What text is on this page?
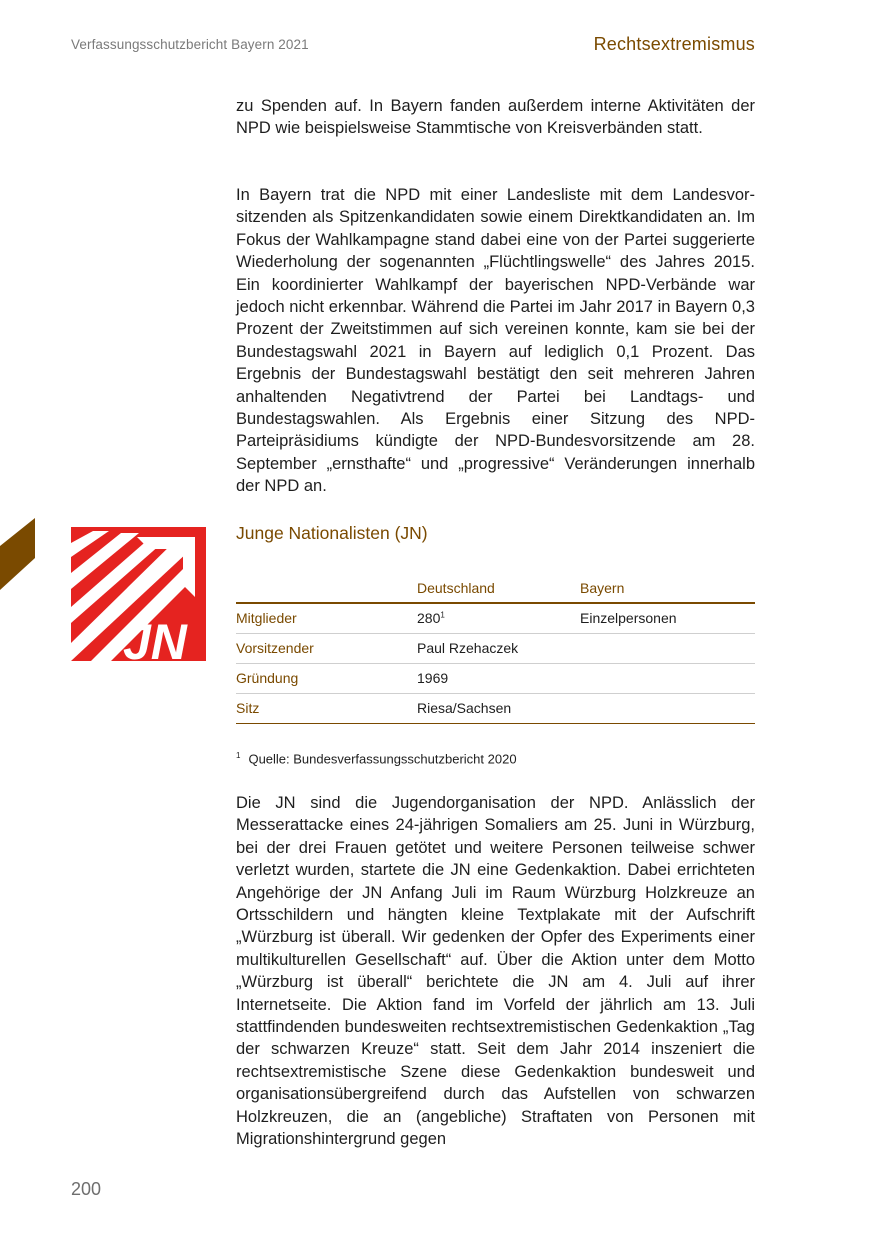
Verfassungsschutzbericht Bayern 2021	Rechtsextremismus

zu Spenden auf. In Bayern fanden außerdem interne Aktivitäten der NPD wie beispielsweise Stammtische von Kreisverbänden statt.

In Bayern trat die NPD mit einer Landesliste mit dem Landesvorsitzenden als Spitzenkandidaten sowie einem Direktkandidaten an. Im Fokus der Wahlkampagne stand dabei eine von der Partei suggerierte Wiederholung der sogenannten „Flüchtlingswelle“ des Jahres 2015. Ein koordinierter Wahlkampf der bayerischen NPD-Verbände war jedoch nicht erkennbar. Während die Partei im Jahr 2017 in Bayern 0,3 Prozent der Zweitstimmen auf sich vereinen konnte, kam sie bei der Bundestagswahl 2021 in Bayern auf lediglich 0,1 Prozent. Das Ergebnis der Bundestagswahl bestätigt den seit mehreren Jahren anhaltenden Negativtrend der Partei bei Landtags- und Bundestagswahlen. Als Ergebnis einer Sitzung des NPD-Parteipräsidiums kündigte der NPD-Bundesvorsitzende am 28. September „ernsthafte“ und „progressive“ Veränderungen innerhalb der NPD an.

JN
Junge Nationalisten (JN)
	Deutschland	Bayern
Mitglieder	$280^1$	Einzelpersonen
Vorsitzender	Paul Rzehaczek	
Gründung	1969	
Sitz	Riesa/Sachsen	
$^1$ Quelle: Bundesverfassungsschutzbericht 2020

Die JN sind die Jugendorganisation der NPD. Anlässlich der Messerattacke eines 24-jährigen Somaliers am 25. Juni in Würzburg, bei der drei Frauen getötet und weitere Personen teilweise schwer verletzt wurden, startete die JN eine Gedenkaktion. Dabei errichteten Angehörige der JN Anfang Juli im Raum Würzburg Holzkreuze an Ortsschildern und hängten kleine Textplakate mit der Aufschrift „Würzburg ist überall. Wir gedenken der Opfer des Experiments einer multikulturellen Gesellschaft“ auf. Über die Aktion unter dem Motto „Würzburg ist überall“ berichtete die JN am 4. Juli auf ihrer Internetseite. Die Aktion fand im Vorfeld der jährlich am 13. Juli stattfindenden bundesweiten rechtsextremistischen Gedenkaktion „Tag der schwarzen Kreuze“ statt. Seit dem Jahr 2014 inszeniert die rechtsextremistische Szene diese Gedenkaktion bundesweit und organisationsübergreifend durch das Aufstellen von schwarzen Holzkreuzen, die an (angebliche) Straftaten von Personen mit Migrationshintergrund gegen

200
